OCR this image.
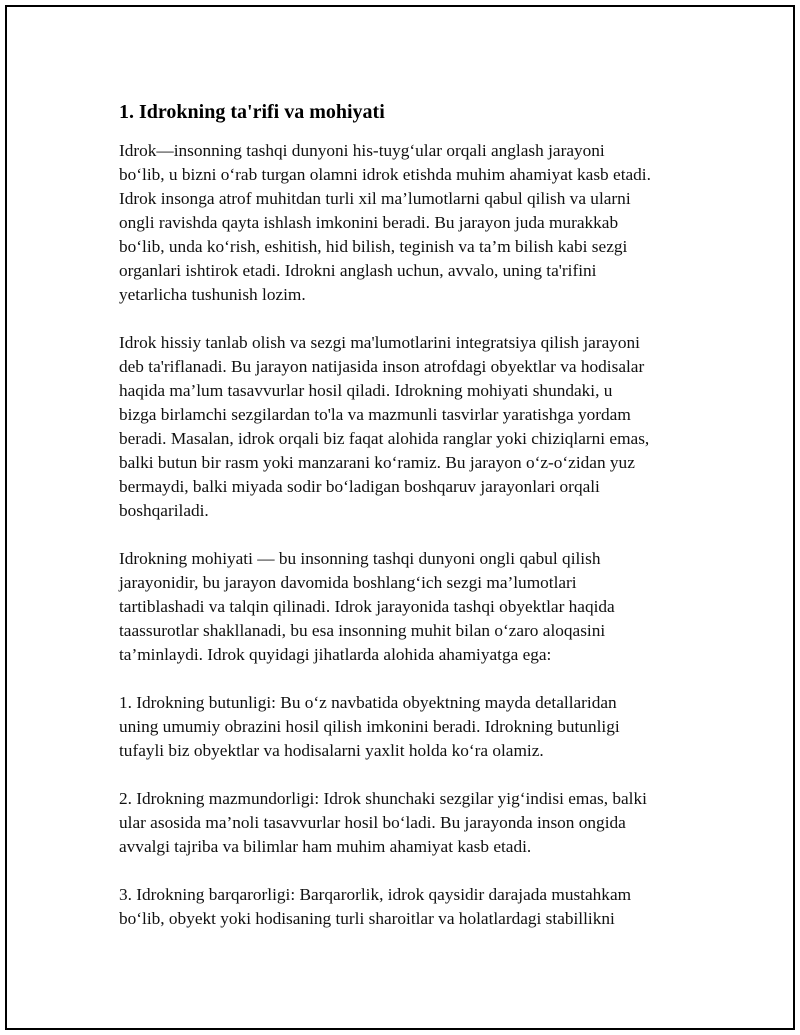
1. Idrokning ta'rifi va mohiyati

Idrok—insonning tashqi dunyoni his-tuyg‘ular orqali anglash jarayoni
bo‘lib, u bizni o‘rab turgan olamni idrok etishda muhim ahamiyat kasb etadi.
Idrok insonga atrof muhitdan turli xil ma’lumotlarni qabul qilish va ularni
ongli ravishda qayta ishlash imkonini beradi. Bu jarayon juda murakkab
bo‘lib, unda ko‘rish, eshitish, hid bilish, teginish va ta’m bilish kabi sezgi
organlari ishtirok etadi. Idrokni anglash uchun, avvalo, uning ta'rifini
yetarlicha tushunish lozim.

Idrok hissiy tanlab olish va sezgi ma'lumotlarini integratsiya qilish jarayoni
deb ta'riflanadi. Bu jarayon natijasida inson atrofdagi obyektlar va hodisalar
haqida ma’lum tasavvurlar hosil qiladi. Idrokning mohiyati shundaki, u
bizga birlamchi sezgilardan to'la va mazmunli tasvirlar yaratishga yordam
beradi. Masalan, idrok orqali biz faqat alohida ranglar yoki chiziqlarni emas,
balki butun bir rasm yoki manzarani ko‘ramiz. Bu jarayon o‘z-o‘zidan yuz
bermaydi, balki miyada sodir bo‘ladigan boshqaruv jarayonlari orqali
boshqariladi.

Idrokning mohiyati — bu insonning tashqi dunyoni ongli qabul qilish
jarayonidir, bu jarayon davomida boshlang‘ich sezgi ma’lumotlari
tartiblashadi va talqin qilinadi. Idrok jarayonida tashqi obyektlar haqida
taassurotlar shakllanadi, bu esa insonning muhit bilan o‘zaro aloqasini
ta’minlaydi. Idrok quyidagi jihatlarda alohida ahamiyatga ega:

1. Idrokning butunligi: Bu o‘z navbatida obyektning mayda detallaridan
uning umumiy obrazini hosil qilish imkonini beradi. Idrokning butunligi
tufayli biz obyektlar va hodisalarni yaxlit holda ko‘ra olamiz.

2. Idrokning mazmundorligi: Idrok shunchaki sezgilar yig‘indisi emas, balki
ular asosida ma’noli tasavvurlar hosil bo‘ladi. Bu jarayonda inson ongida
avvalgi tajriba va bilimlar ham muhim ahamiyat kasb etadi.

3. Idrokning barqarorligi: Barqarorlik, idrok qaysidir darajada mustahkam
bo‘lib, obyekt yoki hodisaning turli sharoitlar va holatlardagi stabillikni
